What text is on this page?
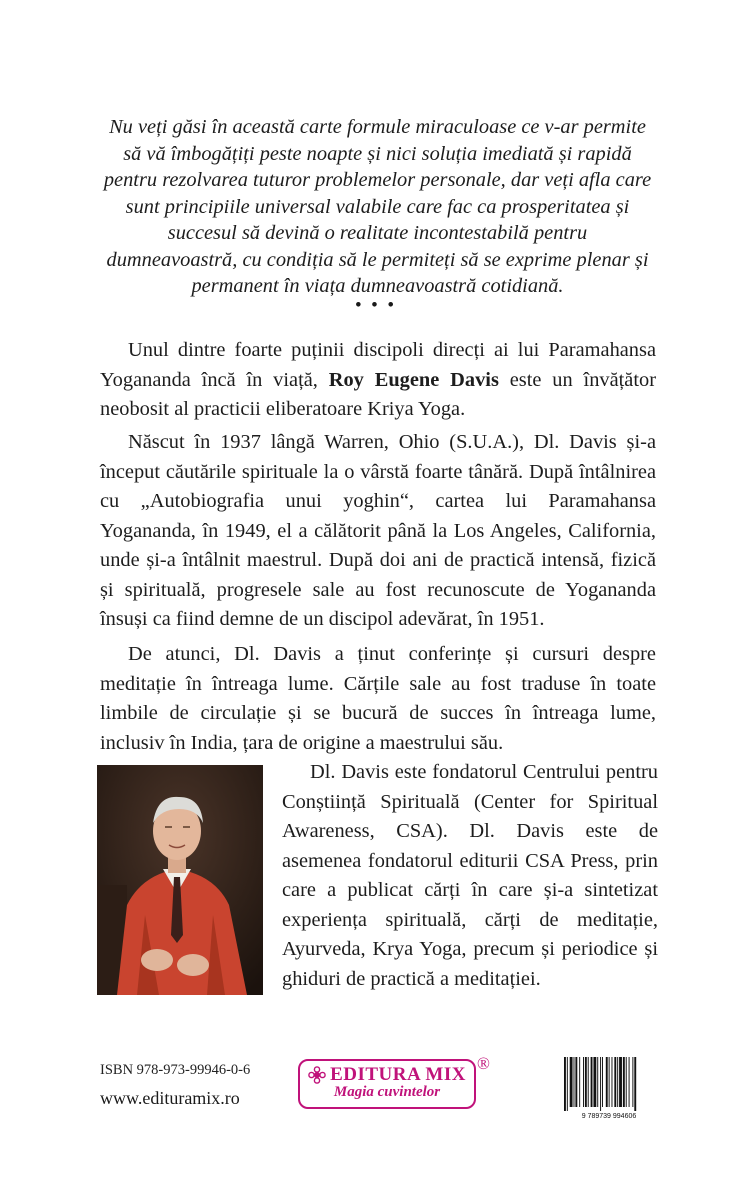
Nu veți găsi în această carte formule miraculoase ce v-ar permite să vă îmbogățiți peste noapte și nici soluția imediată și rapidă pentru rezolvarea tuturor problemelor personale, dar veți afla care sunt principiile universal valabile care fac ca prosperitatea și succesul să devină o realitate incontestabilă pentru dumneavoastră, cu condiția să le permiteți să se exprime plenar și permanent în viața dumneavoastră cotidiană.
• • •
Unul dintre foarte puținii discipoli direcți ai lui Paramahansa Yogananda încă în viață, Roy Eugene Davis este un învățător neobosit al practicii eliberatoare Kriya Yoga.
Născut în 1937 lângă Warren, Ohio (S.U.A.), Dl. Davis și-a început căutările spirituale la o vârstă foarte tânără. După întâlnirea cu „Autobiografia unui yoghin“, cartea lui Paramahansa Yogananda, în 1949, el a călătorit până la Los Angeles, California, unde și-a întâlnit maestrul. După doi ani de practică intensă, fizică și spirituală, progresele sale au fost recunoscute de Yogananda însuși ca fiind demne de un discipol adevărat, în 1951.
De atunci, Dl. Davis a ținut conferințe și cursuri despre meditație în întreaga lume. Cărțile sale au fost traduse în toate limbile de circulație și se bucură de succes în întreaga lume, inclusiv în India, țara de origine a maestrului său.
Dl. Davis este fondatorul Centrului pentru Conștiință Spirituală (Center for Spiritual Awareness, CSA). Dl. Davis este de asemenea fondatorul editurii CSA Press, prin care a publicat cărți în care și-a sintetizat experiența spirituală, cărți de meditație, Ayurveda, Krya Yoga, precum și periodice și ghiduri de practică a meditației.
ISBN 978-973-99946-0-6
www.edituramix.ro
EDITURA MIX
Magia cuvintelor
®
9 789739 994606
